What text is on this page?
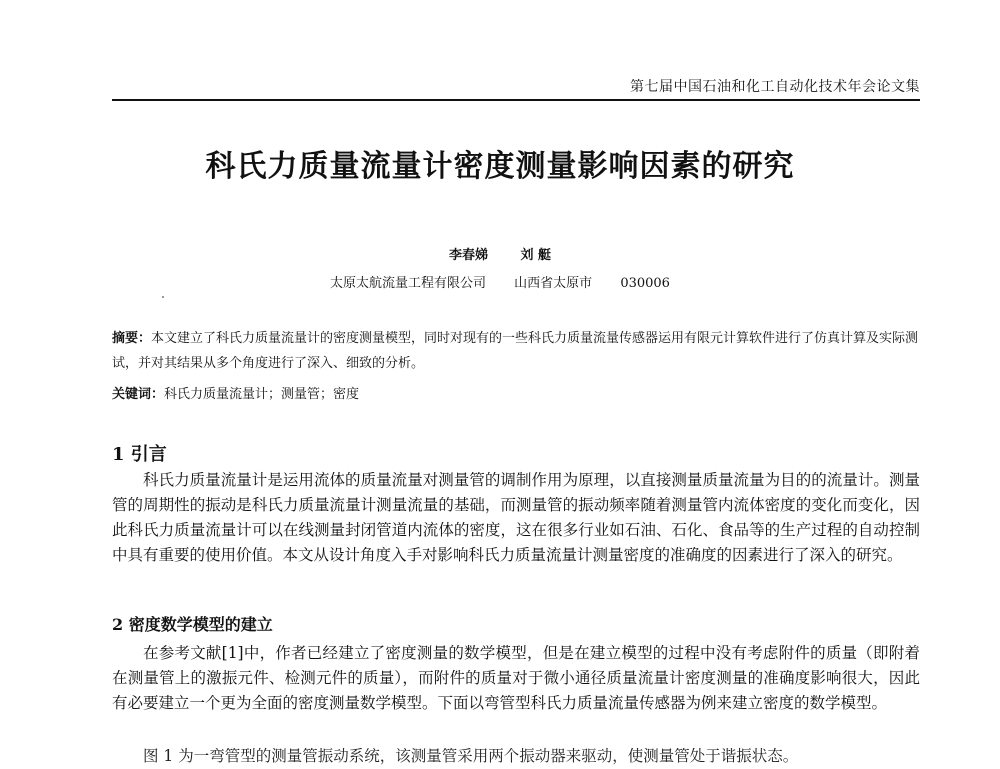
第七届中国石油和化工自动化技术年会论文集
科氏力质量流量计密度测量影响因素的研究
李春娣	刘 艇
太原太航流量工程有限公司 山西省太原市 030006
摘要：本文建立了科氏力质量流量计的密度测量模型，同时对现有的一些科氏力质量流量传感器运用有限元计算软件进行了仿真计算及实际测试，并对其结果从多个角度进行了深入、细致的分析。
关键词：科氏力质量流量计；测量管；密度
1 引言
科氏力质量流量计是运用流体的质量流量对测量管的调制作用为原理，以直接测量质量流量为目的的流量计。测量管的周期性的振动是科氏力质量流量计测量流量的基础，而测量管的振动频率随着测量管内流体密度的变化而变化，因此科氏力质量流量计可以在线测量封闭管道内流体的密度，这在很多行业如石油、石化、食品等的生产过程的自动控制中具有重要的使用价值。本文从设计角度入手对影响科氏力质量流量计测量密度的准确度的因素进行了深入的研究。
2 密度数学模型的建立
在参考文献[1]中，作者已经建立了密度测量的数学模型，但是在建立模型的过程中没有考虑附件的质量（即附着在测量管上的激振元件、检测元件的质量），而附件的质量对于微小通径质量流量计密度测量的准确度影响很大，因此有必要建立一个更为全面的密度测量数学模型。下面以弯管型科氏力质量流量传感器为例来建立密度的数学模型。
图 1 为一弯管型的测量管振动系统，该测量管采用两个振动器来驱动，使测量管处于谐振状态。
